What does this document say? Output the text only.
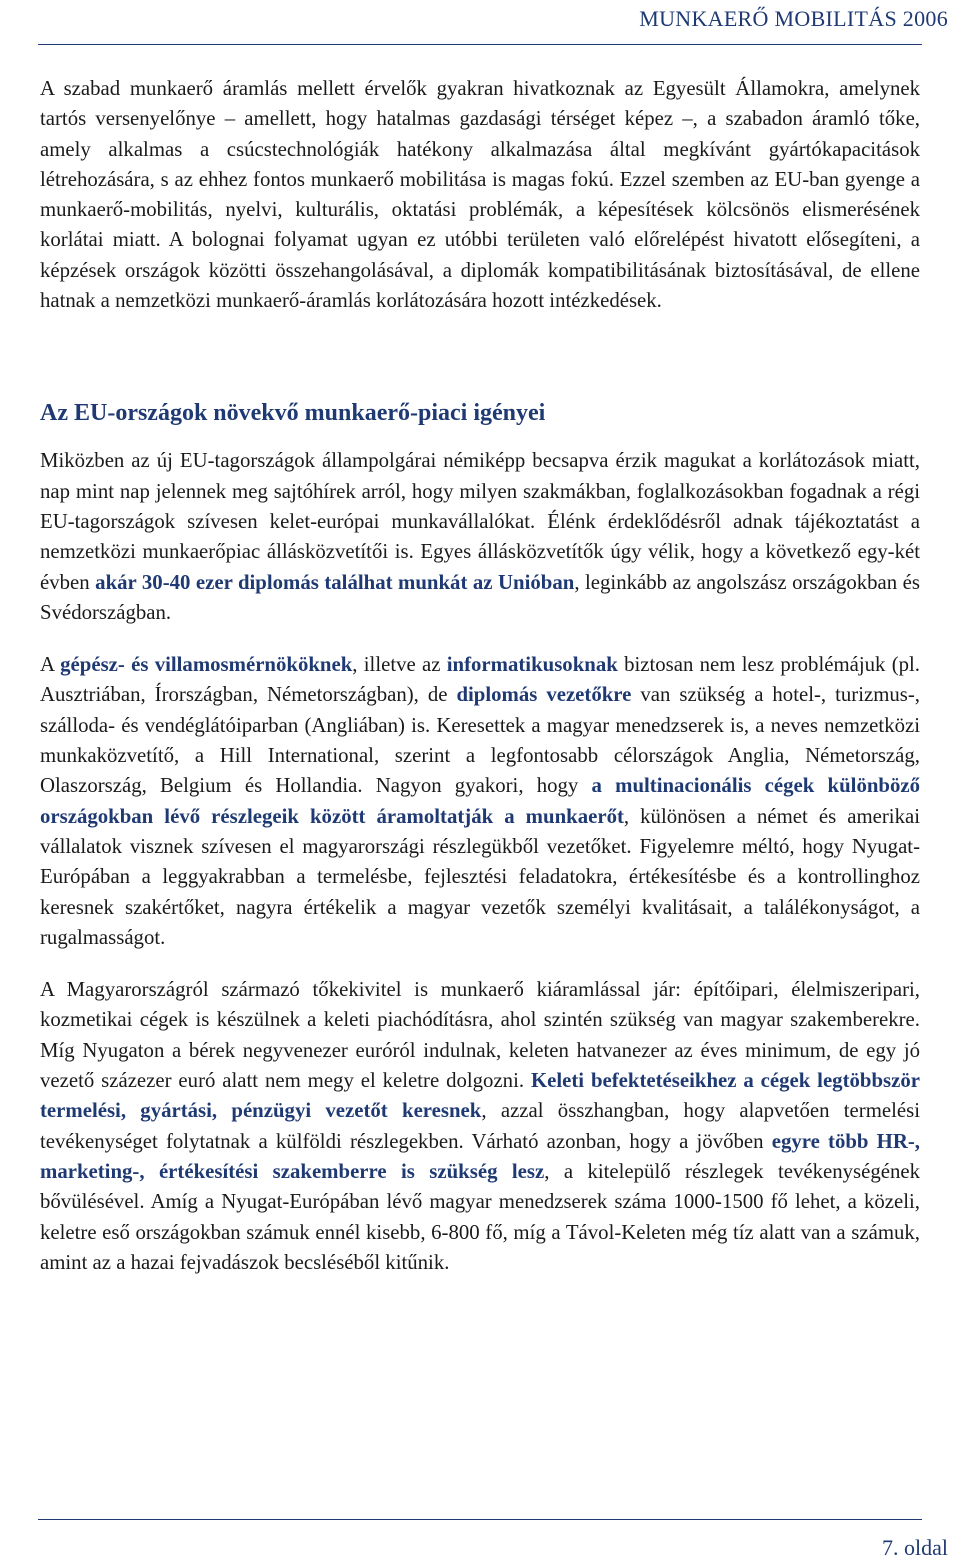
MUNKAERŐ MOBILITÁS 2006

A szabad munkaerő áramlás mellett érvelők gyakran hivatkoznak az Egyesült Államokra, amelynek tartós versenyelőnye – amellett, hogy hatalmas gazdasági térséget képez –, a szabadon áramló tőke, amely alkalmas a csúcstechnológiák hatékony alkalmazása által megkívánt gyártókapacitások létrehozására, s az ehhez fontos munkaerő mobilitása is magas fokú. Ezzel szemben az EU-ban gyenge a munkaerő-mobilitás, nyelvi, kulturális, oktatási problémák, a képesítések kölcsönös elismerésének korlátai miatt. A bolognai folyamat ugyan ez utóbbi területen való előrelépést hivatott elősegíteni, a képzések országok közötti összehangolásával, a diplomák kompatibilitásának biztosításával, de ellene hatnak a nemzetközi munkaerő-áramlás korlátozására hozott intézkedések.

Az EU-országok növekvő munkaerő-piaci igényei

Miközben az új EU-tagországok állampolgárai némiképp becsapva érzik magukat a korlátozások miatt, nap mint nap jelennek meg sajtóhírek arról, hogy milyen szakmákban, foglalkozásokban fogadnak a régi EU-tagországok szívesen kelet-európai munkavállalókat. Élénk érdeklődésről adnak tájékoztatást a nemzetközi munkaerőpiac állásközvetítői is. Egyes állásközvetítők úgy vélik, hogy a következő egy-két évben akár 30-40 ezer diplomás találhat munkát az Unióban, leginkább az angolszász országokban és Svédországban.

A gépész- és villamosmérnököknek, illetve az informatikusoknak biztosan nem lesz problémájuk (pl. Ausztriában, Írországban, Németországban), de diplomás vezetőkre van szükség a hotel-, turizmus-, szálloda- és vendéglátóiparban (Angliában) is. Keresettek a magyar menedzserek is, a neves nemzetközi munkaközvetítő, a Hill International, szerint a legfontosabb célországok Anglia, Németország, Olaszország, Belgium és Hollandia. Nagyon gyakori, hogy a multinacionális cégek különböző országokban lévő részlegeik között áramoltatják a munkaerőt, különösen a német és amerikai vállalatok visznek szívesen el magyarországi részlegükből vezetőket. Figyelemre méltó, hogy Nyugat-Európában a leggyakrabban a termelésbe, fejlesztési feladatokra, értékesítésbe és a kontrollinghoz keresnek szakértőket, nagyra értékelik a magyar vezetők személyi kvalitásait, a találékonyságot, a rugalmasságot.

A Magyarországról származó tőkekivitel is munkaerő kiáramlással jár: építőipari, élelmiszeripari, kozmetikai cégek is készülnek a keleti piachódításra, ahol szintén szükség van magyar szakemberekre. Míg Nyugaton a bérek negyvenezer euróról indulnak, keleten hatvanezer az éves minimum, de egy jó vezető százezer euró alatt nem megy el keletre dolgozni. Keleti befektetéseikhez a cégek legtöbbször termelési, gyártási, pénzügyi vezetőt keresnek, azzal összhangban, hogy alapvetően termelési tevékenységet folytatnak a külföldi részlegekben. Várható azonban, hogy a jövőben egyre több HR-, marketing-, értékesítési szakemberre is szükség lesz, a kitelepülő részlegek tevékenységének bővülésével. Amíg a Nyugat-Európában lévő magyar menedzserek száma 1000-1500 fő lehet, a közeli, keletre eső országokban számuk ennél kisebb, 6-800 fő, míg a Távol-Keleten még tíz alatt van a számuk, amint az a hazai fejvadászok becsléséből kitűnik.

7. oldal
